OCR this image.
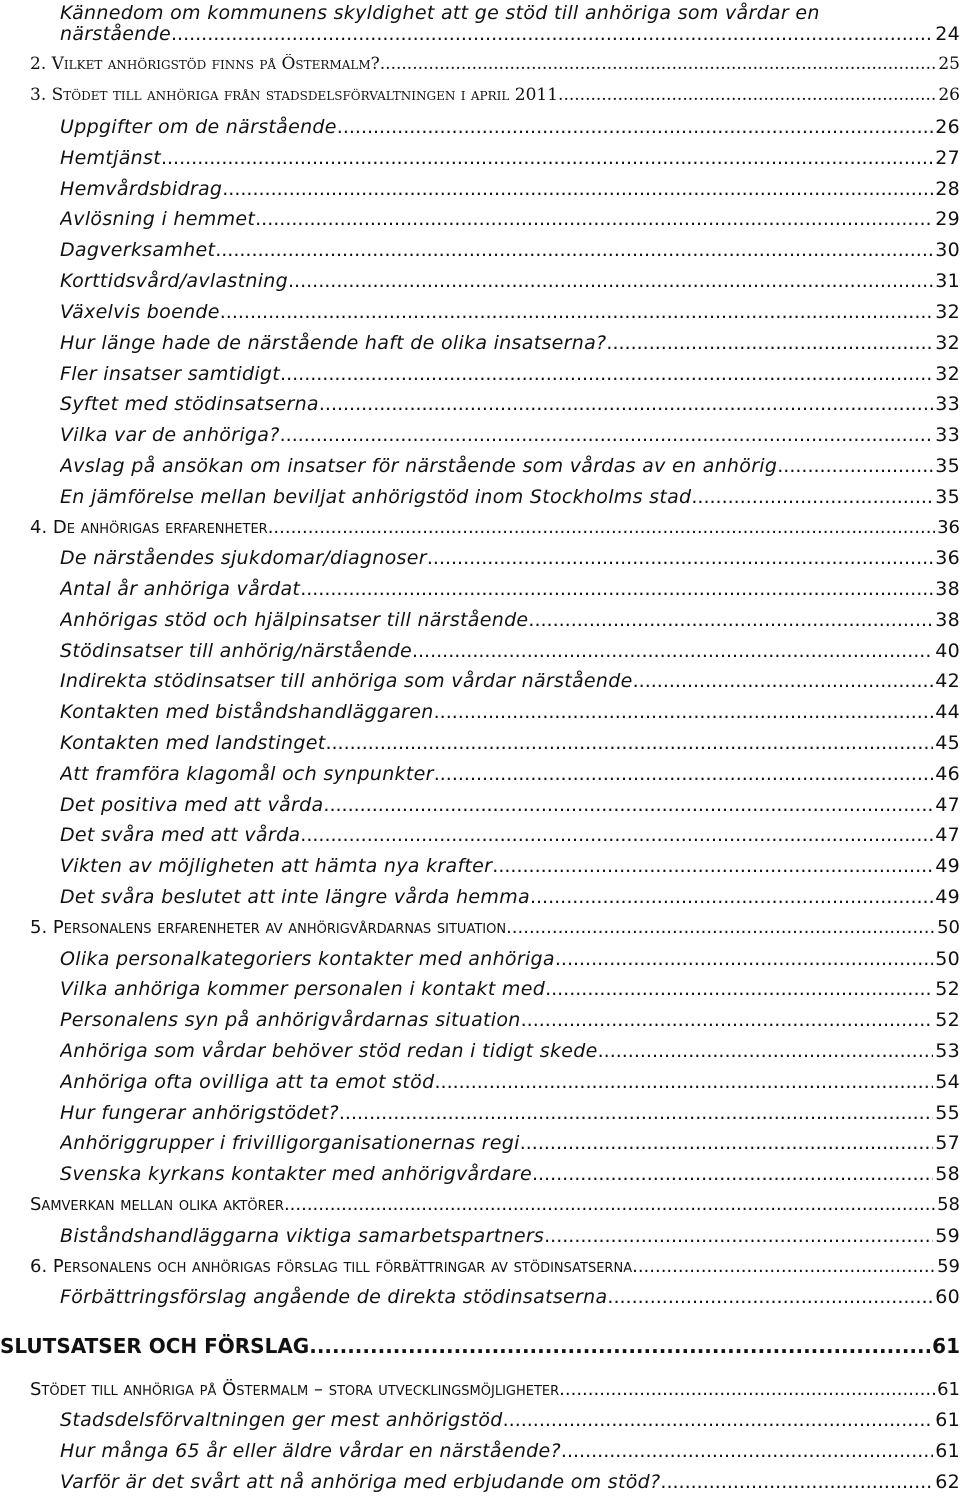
Kännedom om kommunens skyldighet att ge stöd till anhöriga som vårdar en
närstående .....	24
2. Vilket anhörigstöd finns på Östermalm? .....	25
3. Stödet till anhöriga från stadsdelsförvaltningen i april 2011 .....	26
Uppgifter om de närstående .....	26
Hemtjänst .....	27
Hemvårdsbidrag .....	28
Avlösning i hemmet .....	29
Dagverksamhet .....	30
Korttidsvård/avlastning .....	31
Växelvis boende .....	32
Hur länge hade de närstående haft de olika insatserna? .....	32
Fler insatser samtidigt .....	32
Syftet med stödinsatserna .....	33
Vilka var de anhöriga? .....	33
Avslag på ansökan om insatser för närstående som vårdas av en anhörig .....	35
En jämförelse mellan beviljat anhörigstöd inom Stockholms stad .....	35
4. De anhörigas erfarenheter .....	36
De närståendes sjukdomar/diagnoser .....	36
Antal år anhöriga vårdat .....	38
Anhörigas stöd och hjälpinsatser till närstående .....	38
Stödinsatser till anhörig/närstående .....	40
Indirekta stödinsatser till anhöriga som vårdar närstående .....	42
Kontakten med biståndshandläggaren .....	44
Kontakten med landstinget .....	45
Att framföra klagomål och synpunkter .....	46
Det positiva med att vårda .....	47
Det svåra med att vårda .....	47
Vikten av möjligheten att hämta nya krafter .....	49
Det svåra beslutet att inte längre vårda hemma .....	49
5. Personalens erfarenheter av anhörigvårdarnas situation .....	50
Olika personalkategoriers kontakter med anhöriga .....	50
Vilka anhöriga kommer personalen i kontakt med .....	52
Personalens syn på anhörigvårdarnas situation .....	52
Anhöriga som vårdar behöver stöd redan i tidigt skede .....	53
Anhöriga ofta ovilliga att ta emot stöd .....	54
Hur fungerar anhörigstödet? .....	55
Anhöriggrupper i frivilligorganisationernas regi .....	57
Svenska kyrkans kontakter med anhörigvårdare .....	58
Samverkan mellan olika aktörer .....	58
Biståndshandläggarna viktiga samarbetspartners .....	59
6. Personalens och anhörigas förslag till förbättringar av stödinsatserna .....	59
Förbättringsförslag angående de direkta stödinsatserna .....	60
SLUTSATSER OCH FÖRSLAG .....	61
Stödet till anhöriga på Östermalm – stora utvecklingsmöjligheter .....	61
Stadsdelsförvaltningen ger mest anhörigstöd .....	61
Hur många 65 år eller äldre vårdar en närstående? .....	61
Varför är det svårt att nå anhöriga med erbjudande om stöd? .....	62
